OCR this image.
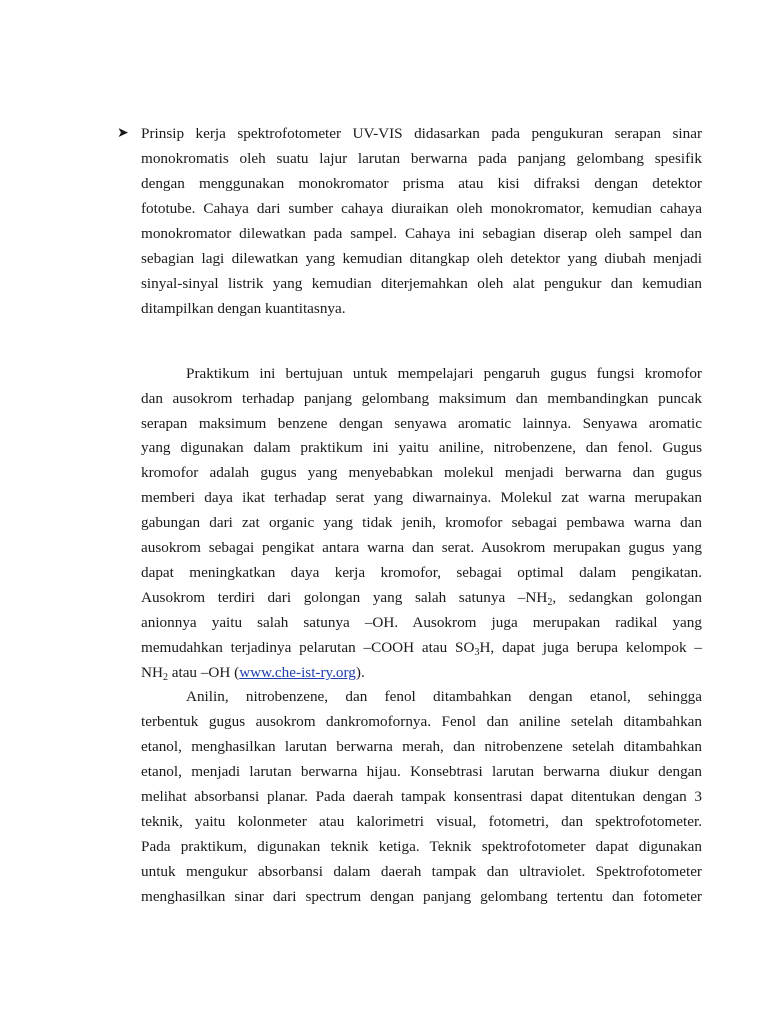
➤ Prinsip kerja spektrofotometer UV-VIS didasarkan pada pengukuran serapan sinar
monokromatis oleh suatu lajur larutan berwarna pada panjang gelombang spesifik
dengan menggunakan monokromator prisma atau kisi difraksi dengan detektor
fototube. Cahaya dari sumber cahaya diuraikan oleh monokromator, kemudian cahaya
monokromator dilewatkan pada sampel. Cahaya ini sebagian diserap oleh sampel dan
sebagian lagi dilewatkan yang kemudian ditangkap oleh detektor yang diubah menjadi
sinyal-sinyal listrik yang kemudian diterjemahkan oleh alat pengukur dan kemudian
ditampilkan dengan kuantitasnya.
Praktikum ini bertujuan untuk mempelajari pengaruh gugus fungsi kromofor
dan ausokrom terhadap panjang gelombang maksimum dan membandingkan puncak
serapan maksimum benzene dengan senyawa aromatic lainnya. Senyawa aromatic
yang digunakan dalam praktikum ini yaitu aniline, nitrobenzene, dan fenol. Gugus
kromofor adalah gugus yang menyebabkan molekul menjadi berwarna dan gugus
memberi daya ikat terhadap serat yang diwarnainya. Molekul zat warna merupakan
gabungan dari zat organic yang tidak jenih, kromofor sebagai pembawa warna dan
ausokrom sebagai pengikat antara warna dan serat. Ausokrom merupakan gugus yang
dapat meningkatkan daya kerja kromofor, sebagai optimal dalam pengikatan.
Ausokrom terdiri dari golongan yang salah satunya $-NH_2$, sedangkan golongan
anionnya yaitu salah satunya –OH. Ausokrom juga merupakan radikal yang
memudahkan terjadinya pelarutan –COOH atau $SO_3H$, dapat juga berupa kelompok –
$NH_2$ atau –OH (www.che-ist-ry.org).
Anilin, nitrobenzene, dan fenol ditambahkan dengan etanol, sehingga
terbentuk gugus ausokrom dankromofornya. Fenol dan aniline setelah ditambahkan
etanol, menghasilkan larutan berwarna merah, dan nitrobenzene setelah ditambahkan
etanol, menjadi larutan berwarna hijau. Konsebtrasi larutan berwarna diukur dengan
melihat absorbansi planar. Pada daerah tampak konsentrasi dapat ditentukan dengan 3
teknik, yaitu kolonmeter atau kalorimetri visual, fotometri, dan spektrofotometer.
Pada praktikum, digunakan teknik ketiga. Teknik spektrofotometer dapat digunakan
untuk mengukur absorbansi dalam daerah tampak dan ultraviolet. Spektrofotometer
menghasilkan sinar dari spectrum dengan panjang gelombang tertentu dan fotometer
